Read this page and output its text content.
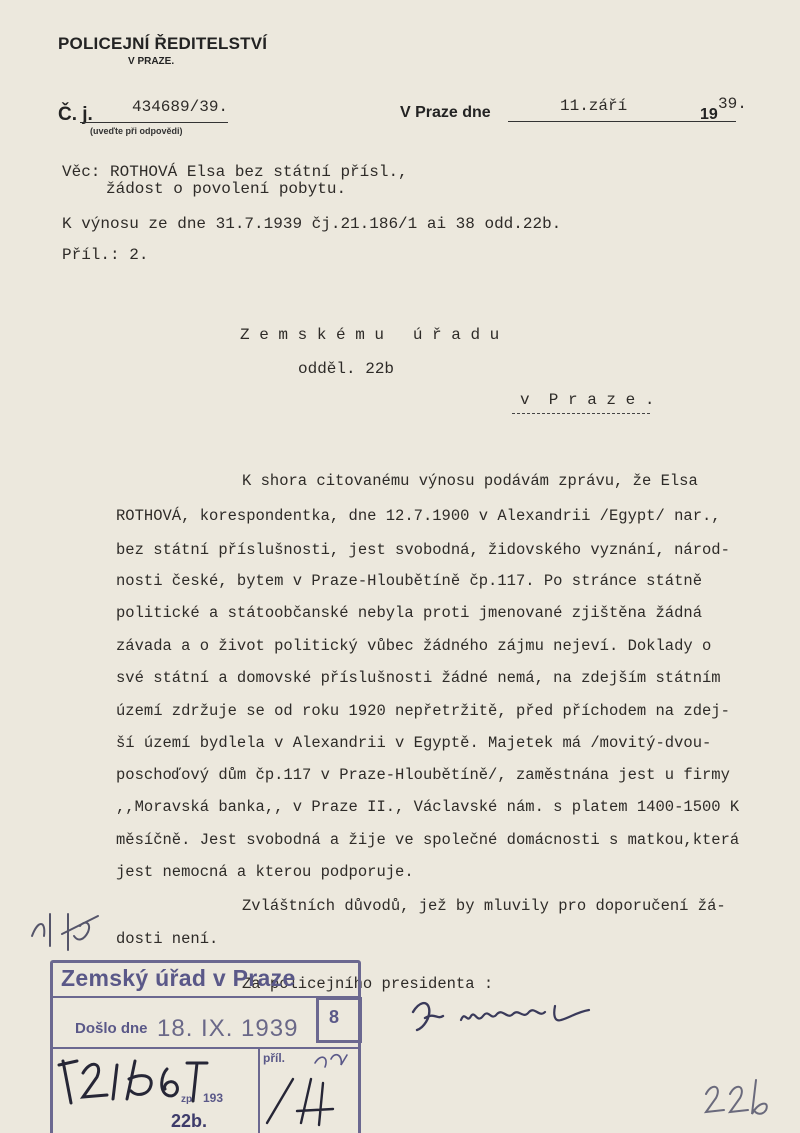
POLICEJNÍ ŘEDITELSTVÍ
V PRAZE.
Č. j. 434689/39.
(uveďte při odpovědi)
V Praze dne	11.září	19
39.
Věc: ROTHOVÁ Elsa bez státní přísl.,
žádost o povolení pobytu.
K výnosu ze dne 31.7.1939 čj.21.186/1 ai 38 odd.22b.
Příl.: 2.
Z e m s k é m u   ú ř a d u
odděl. 22b
v  P r a z e .
K shora citovanému výnosu podávám zprávu, že Elsa
ROTHOVÁ, korespondentka, dne 12.7.1900 v Alexandrii /Egypt/ nar.,
bez státní příslušnosti, jest svobodná, židovského vyznání, národ-
nosti české, bytem v Praze-Hloubětíně čp.117. Po stránce státně
politické a státoobčanské nebyla proti jmenované zjištěna žádná
závada a o život politický vůbec žádného zájmu nejeví. Doklady o
své státní a domovské příslušnosti žádné nemá, na zdejším státním
území zdržuje se od roku 1920 nepřetržitě, před příchodem na zdej-
ší území bydlela v Alexandrii v Egyptě. Majetek má /movitý-dvou-
poschoďový dům čp.117 v Praze-Hloubětíně/, zaměstnána jest u firmy
,,Moravská banka,, v Praze II., Václavské nám. s platem 1400-1500 K
měsíčně. Jest svobodná a žije ve společné domácnosti s matkou,která
jest nemocná a kterou podporuje.
Zvláštních důvodů, jež by mluvily pro doporučení žá-
dosti není.
Za policejního presidenta :
Zemský úřad v Praze
Došlo dne 18. IX. 1939 8
zp. 193
příl.
22b.
